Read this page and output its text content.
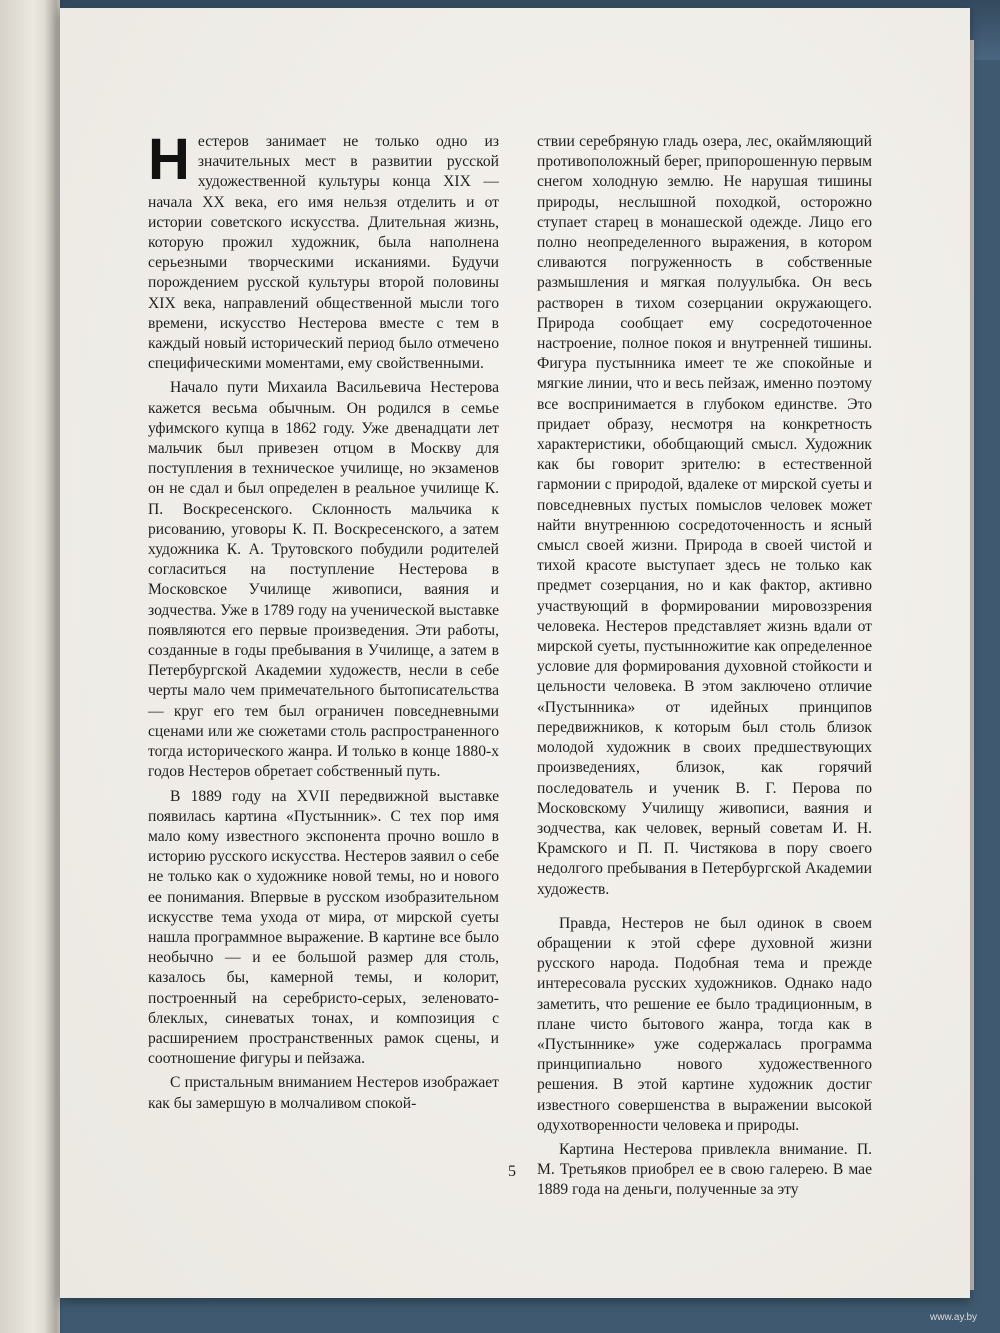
Нестеров занимает не только одно из значительных мест в развитии русской художественной культуры конца XIX — начала XX века, его имя нельзя отделить и от истории советского искусства. Длительная жизнь, которую прожил художник, была наполнена серьезными творческими исканиями. Будучи порождением русской культуры второй половины XIX века, направлений общественной мысли того времени, искусство Нестерова вместе с тем в каждый новый исторический период было отмечено специфическими моментами, ему свойственными.

Начало пути Михаила Васильевича Нестерова кажется весьма обычным. Он родился в семье уфимского купца в 1862 году. Уже двенадцати лет мальчик был привезен отцом в Москву для поступления в техническое училище, но экзаменов он не сдал и был определен в реальное училище К. П. Воскресенского. Склонность мальчика к рисованию, уговоры К. П. Воскресенского, а затем художника К. А. Трутовского побудили родителей согласиться на поступление Нестерова в Московское Училище живописи, ваяния и зодчества. Уже в 1789 году на ученической выставке появляются его первые произведения. Эти работы, созданные в годы пребывания в Училище, а затем в Петербургской Академии художеств, несли в себе черты мало чем примечательного бытописательства — круг его тем был ограничен повседневными сценами или же сюжетами столь распространенного тогда исторического жанра. И только в конце 1880-х годов Нестеров обретает собственный путь.

В 1889 году на XVII передвижной выставке появилась картина «Пустынник». С тех пор имя мало кому известного экспонента прочно вошло в историю русского искусства. Нестеров заявил о себе не только как о художнике новой темы, но и нового ее понимания. Впервые в русском изобразительном искусстве тема ухода от мира, от мирской суеты нашла программное выражение. В картине все было необычно — и ее большой размер для столь, казалось бы, камерной темы, и колорит, построенный на серебристо-серых, зеленовато-блеклых, синеватых тонах, и композиция с расширением пространственных рамок сцены, и соотношение фигуры и пейзажа.

С пристальным вниманием Нестеров изображает как бы замершую в молчаливом спокой-

ствии серебряную гладь озера, лес, окаймляющий противоположный берег, припорошенную первым снегом холодную землю. Не нарушая тишины природы, неслышной походкой, осторожно ступает старец в монашеской одежде. Лицо его полно неопределенного выражения, в котором сливаются погруженность в собственные размышления и мягкая полуулыбка. Он весь растворен в тихом созерцании окружающего. Природа сообщает ему сосредоточенное настроение, полное покоя и внутренней тишины. Фигура пустынника имеет те же спокойные и мягкие линии, что и весь пейзаж, именно поэтому все воспринимается в глубоком единстве. Это придает образу, несмотря на конкретность характеристики, обобщающий смысл. Художник как бы говорит зрителю: в естественной гармонии с природой, вдалеке от мирской суеты и повседневных пустых помыслов человек может найти внутреннюю сосредоточенность и ясный смысл своей жизни. Природа в своей чистой и тихой красоте выступает здесь не только как предмет созерцания, но и как фактор, активно участвующий в формировании мировоззрения человека. Нестеров представляет жизнь вдали от мирской суеты, пустынножитие как определенное условие для формирования духовной стойкости и цельности человека. В этом заключено отличие «Пустынника» от идейных принципов передвижников, к которым был столь близок молодой художник в своих предшествующих произведениях, близок, как горячий последователь и ученик В. Г. Перова по Московскому Училищу живописи, ваяния и зодчества, как человек, верный советам И. Н. Крамского и П. П. Чистякова в пору своего недолгого пребывания в Петербургской Академии художеств.

Правда, Нестеров не был одинок в своем обращении к этой сфере духовной жизни русского народа. Подобная тема и прежде интересовала русских художников. Однако надо заметить, что решение ее было традиционным, в плане чисто бытового жанра, тогда как в «Пустыннике» уже содержалась программа принципиально нового художественного решения. В этой картине художник достиг известного совершенства в выражении высокой одухотворенности человека и природы.

Картина Нестерова привлекла внимание. П. М. Третьяков приобрел ее в свою галерею. В мае 1889 года на деньги, полученные за эту

5
www.ay.by
